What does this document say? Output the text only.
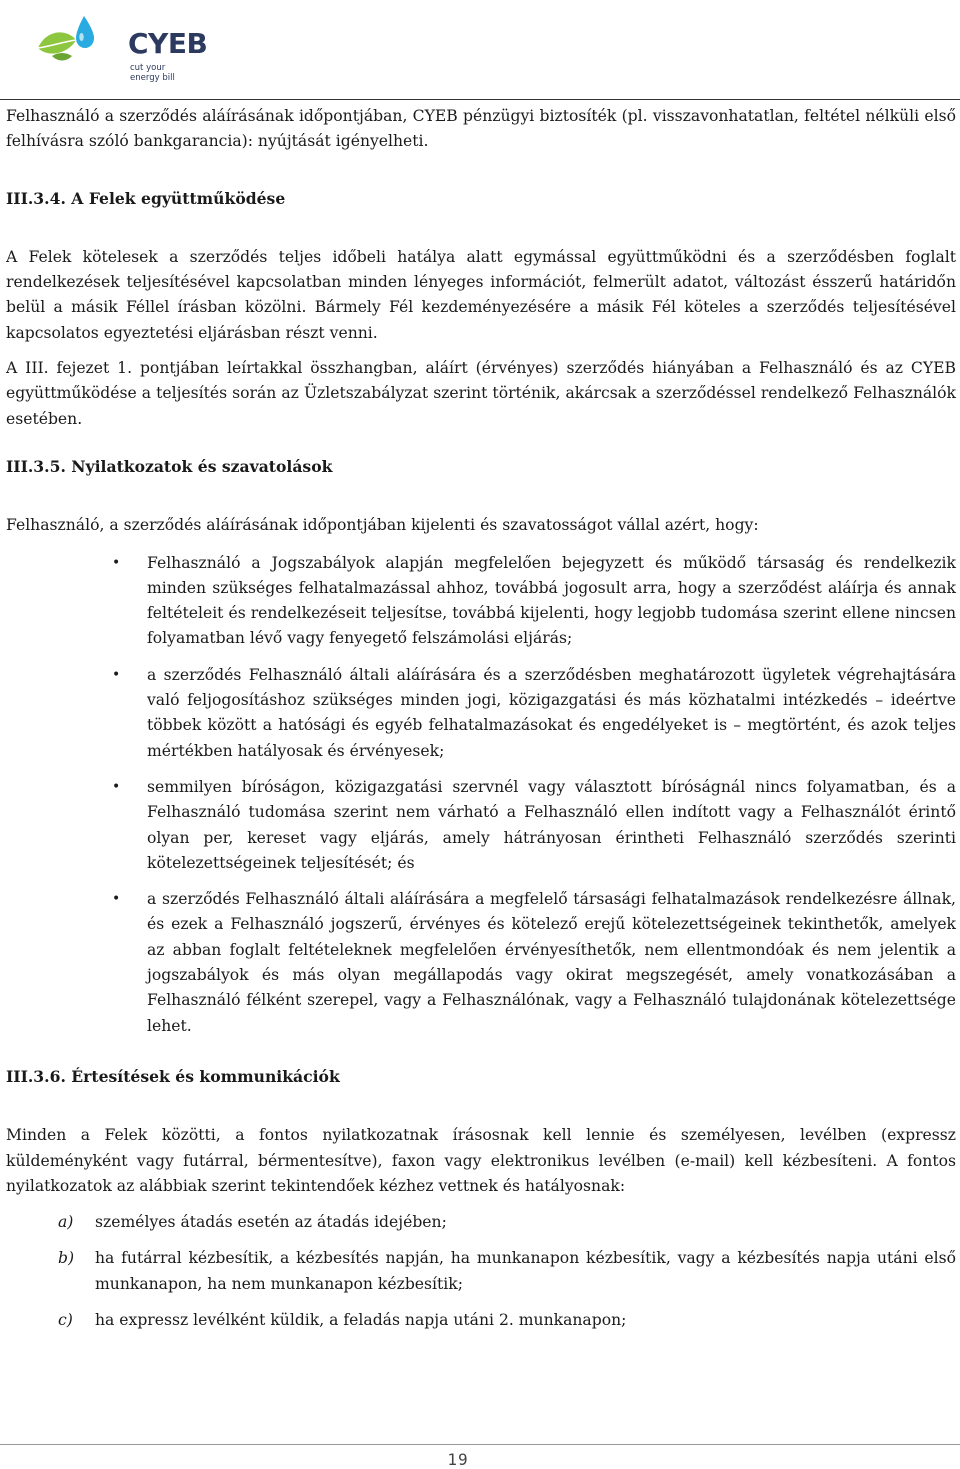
CYEB
cut your energy bill

Felhasználó a szerződés aláírásának időpontjában, CYEB pénzügyi biztosíték (pl. visszavonhatatlan, feltétel nélküli első felhívásra szóló bankgarancia): nyújtását igényelheti.

III.3.4. A Felek együttműködése

A Felek kötelesek a szerződés teljes időbeli hatálya alatt egymással együttműködni és a szerződésben foglalt rendelkezések teljesítésével kapcsolatban minden lényeges információt, felmerült adatot, változást ésszerű határidőn belül a másik Féllel írásban közölni. Bármely Fél kezdeményezésére a másik Fél köteles a szerződés teljesítésével kapcsolatos egyeztetési eljárásban részt venni.

A III. fejezet 1. pontjában leírtakkal összhangban, aláírt (érvényes) szerződés hiányában a Felhasználó és az CYEB együttműködése a teljesítés során az Üzletszabályzat szerint történik, akárcsak a szerződéssel rendelkező Felhasználók esetében.

III.3.5. Nyilatkozatok és szavatolások

Felhasználó, a szerződés aláírásának időpontjában kijelenti és szavatosságot vállal azért, hogy:

• Felhasználó a Jogszabályok alapján megfelelően bejegyzett és működő társaság és rendelkezik minden szükséges felhatalmazással ahhoz, továbbá jogosult arra, hogy a szerződést aláírja és annak feltételeit és rendelkezéseit teljesítse, továbbá kijelenti, hogy legjobb tudomása szerint ellene nincsen folyamatban lévő vagy fenyegető felszámolási eljárás;
• a szerződés Felhasználó általi aláírására és a szerződésben meghatározott ügyletek végrehajtására való feljogosításhoz szükséges minden jogi, közigazgatási és más közhatalmi intézkedés – ideértve többek között a hatósági és egyéb felhatalmazásokat és engedélyeket is – megtörtént, és azok teljes mértékben hatályosak és érvényesek;
• semmilyen bíróságon, közigazgatási szervnél vagy választott bíróságnál nincs folyamatban, és a Felhasználó tudomása szerint nem várható a Felhasználó ellen indított vagy a Felhasználót érintő olyan per, kereset vagy eljárás, amely hátrányosan érintheti Felhasználó szerződés szerinti kötelezettségeinek teljesítését; és
• a szerződés Felhasználó általi aláírására a megfelelő társasági felhatalmazások rendelkezésre állnak, és ezek a Felhasználó jogszerű, érvényes és kötelező erejű kötelezettségeinek tekinthetők, amelyek az abban foglalt feltételeknek megfelelően érvényesíthetők, nem ellentmondóak és nem jelentik a jogszabályok és más olyan megállapodás vagy okirat megszegését, amely vonatkozásában a Felhasználó félként szerepel, vagy a Felhasználónak, vagy a Felhasználó tulajdonának kötelezettsége lehet.

III.3.6. Értesítések és kommunikációk

Minden a Felek közötti, a fontos nyilatkozatnak írásosnak kell lennie és személyesen, levélben (expressz küldeményként vagy futárral, bérmentesítve), faxon vagy elektronikus levélben (e-mail) kell kézbesíteni. A fontos nyilatkozatok az alábbiak szerint tekintendőek kézhez vettnek és hatályosnak:

a) személyes átadás esetén az átadás idejében;
b) ha futárral kézbesítik, a kézbesítés napján, ha munkanapon kézbesítik, vagy a kézbesítés napja utáni első munkanapon, ha nem munkanapon kézbesítik;
c) ha expressz levélként küldik, a feladás napja utáni 2. munkanapon;
19
